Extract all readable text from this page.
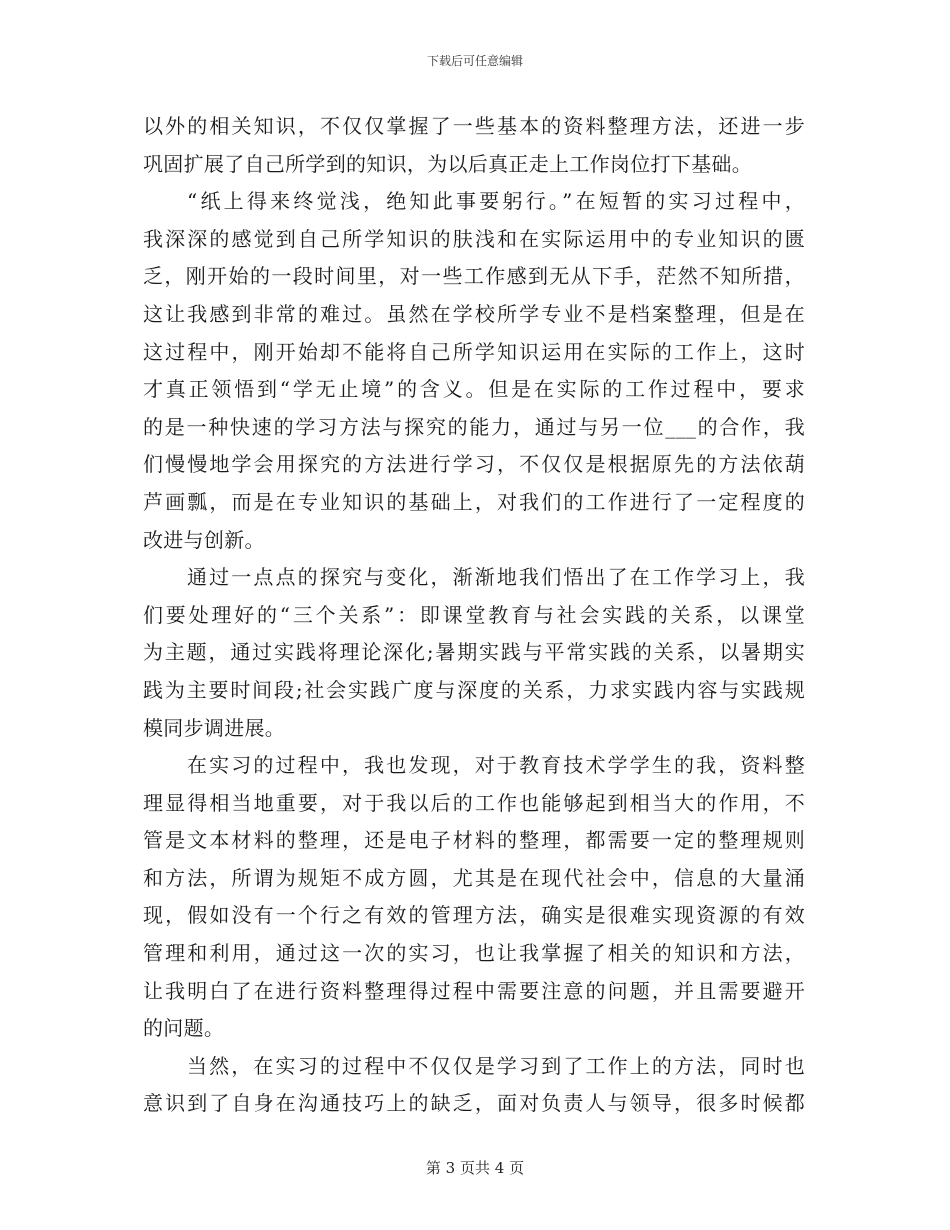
下载后可任意编辑
以外的相关知识，不仅仅掌握了一些基本的资料整理方法，还进一步
巩固扩展了自己所学到的知识，为以后真正走上工作岗位打下基础。
“纸上得来终觉浅，绝知此事要躬行。”在短暂的实习过程中，
我深深的感觉到自己所学知识的肤浅和在实际运用中的专业知识的匮
乏，刚开始的一段时间里，对一些工作感到无从下手，茫然不知所措，
这让我感到非常的难过。虽然在学校所学专业不是档案整理，但是在
这过程中，刚开始却不能将自己所学知识运用在实际的工作上，这时
才真正领悟到“学无止境”的含义。但是在实际的工作过程中，要求
的是一种快速的学习方法与探究的能力，通过与另一位___的合作，我
们慢慢地学会用探究的方法进行学习，不仅仅是根据原先的方法依葫
芦画瓢，而是在专业知识的基础上，对我们的工作进行了一定程度的
改进与创新。
通过一点点的探究与变化，渐渐地我们悟出了在工作学习上，我
们要处理好的“三个关系”：即课堂教育与社会实践的关系，以课堂
为主题，通过实践将理论深化;暑期实践与平常实践的关系，以暑期实
践为主要时间段;社会实践广度与深度的关系，力求实践内容与实践规
模同步调进展。
在实习的过程中，我也发现，对于教育技术学学生的我，资料整
理显得相当地重要，对于我以后的工作也能够起到相当大的作用，不
管是文本材料的整理，还是电子材料的整理，都需要一定的整理规则
和方法，所谓为规矩不成方圆，尤其是在现代社会中，信息的大量涌
现，假如没有一个行之有效的管理方法，确实是很难实现资源的有效
管理和利用，通过这一次的实习，也让我掌握了相关的知识和方法，
让我明白了在进行资料整理得过程中需要注意的问题，并且需要避开
的问题。
当然，在实习的过程中不仅仅是学习到了工作上的方法，同时也
意识到了自身在沟通技巧上的缺乏，面对负责人与领导，很多时候都
第 3 页共 4 页
